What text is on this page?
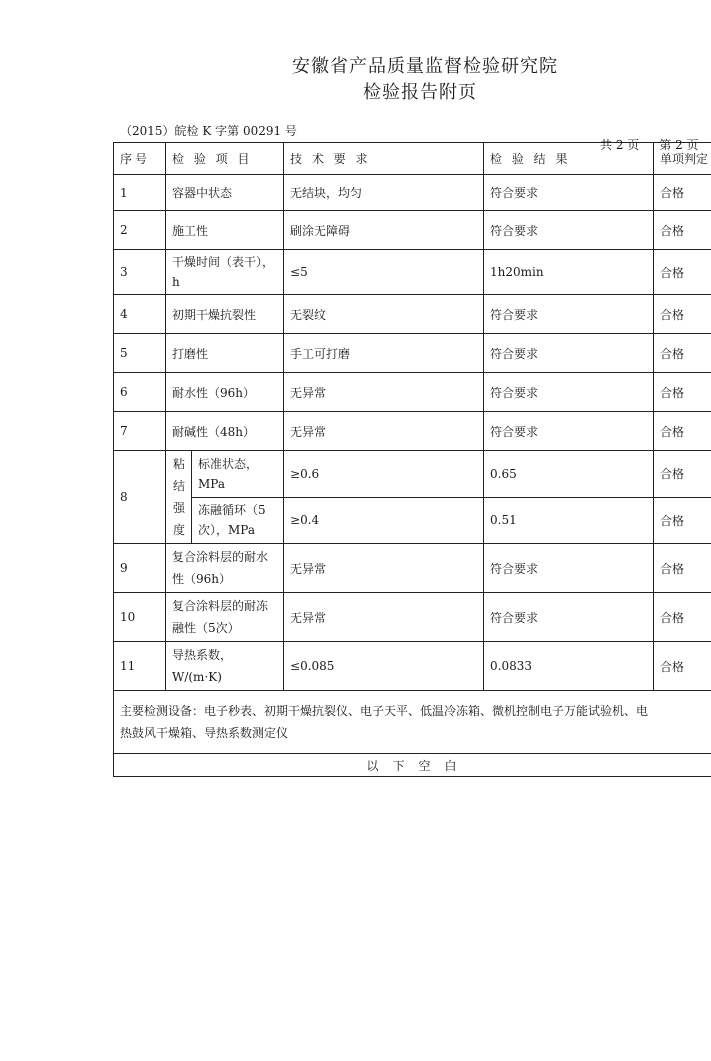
安徽省产品质量监督检验研究院
检验报告附页
（2015）皖检 K 字第 00291 号
共 2 页 第 2 页
序号	检 验 项 目		技 术 要 求	检 验 结 果	单项判定
1	容器中状态		无结块，均匀	符合要求	合格
2	施工性		刷涂无障碍	符合要求	合格
3	干燥时间（表干），h		≤5	1h20min	合格
4	初期干燥抗裂性		无裂纹	符合要求	合格
5	打磨性		手工可打磨	符合要求	合格
6	耐水性（96h）		无异常	符合要求	合格
7	耐碱性（48h）		无异常	符合要求	合格
8	粘结强度	标准状态，MPa	≥0.6	0.65	合格
		冻融循环（5次），MPa	≥0.4	0.51	合格
9	复合涂料层的耐水性（96h）		无异常	符合要求	合格
10	复合涂料层的耐冻融性（5次）		无异常	符合要求	合格
11	导热系数，W/(m·K)		≤0.085	0.0833	合格

主要检测设备：电子秒表、初期干燥抗裂仪、电子天平、低温冷冻箱、微机控制电子万能试验机、电
热鼓风干燥箱、导热系数测定仪					

以下空白					
